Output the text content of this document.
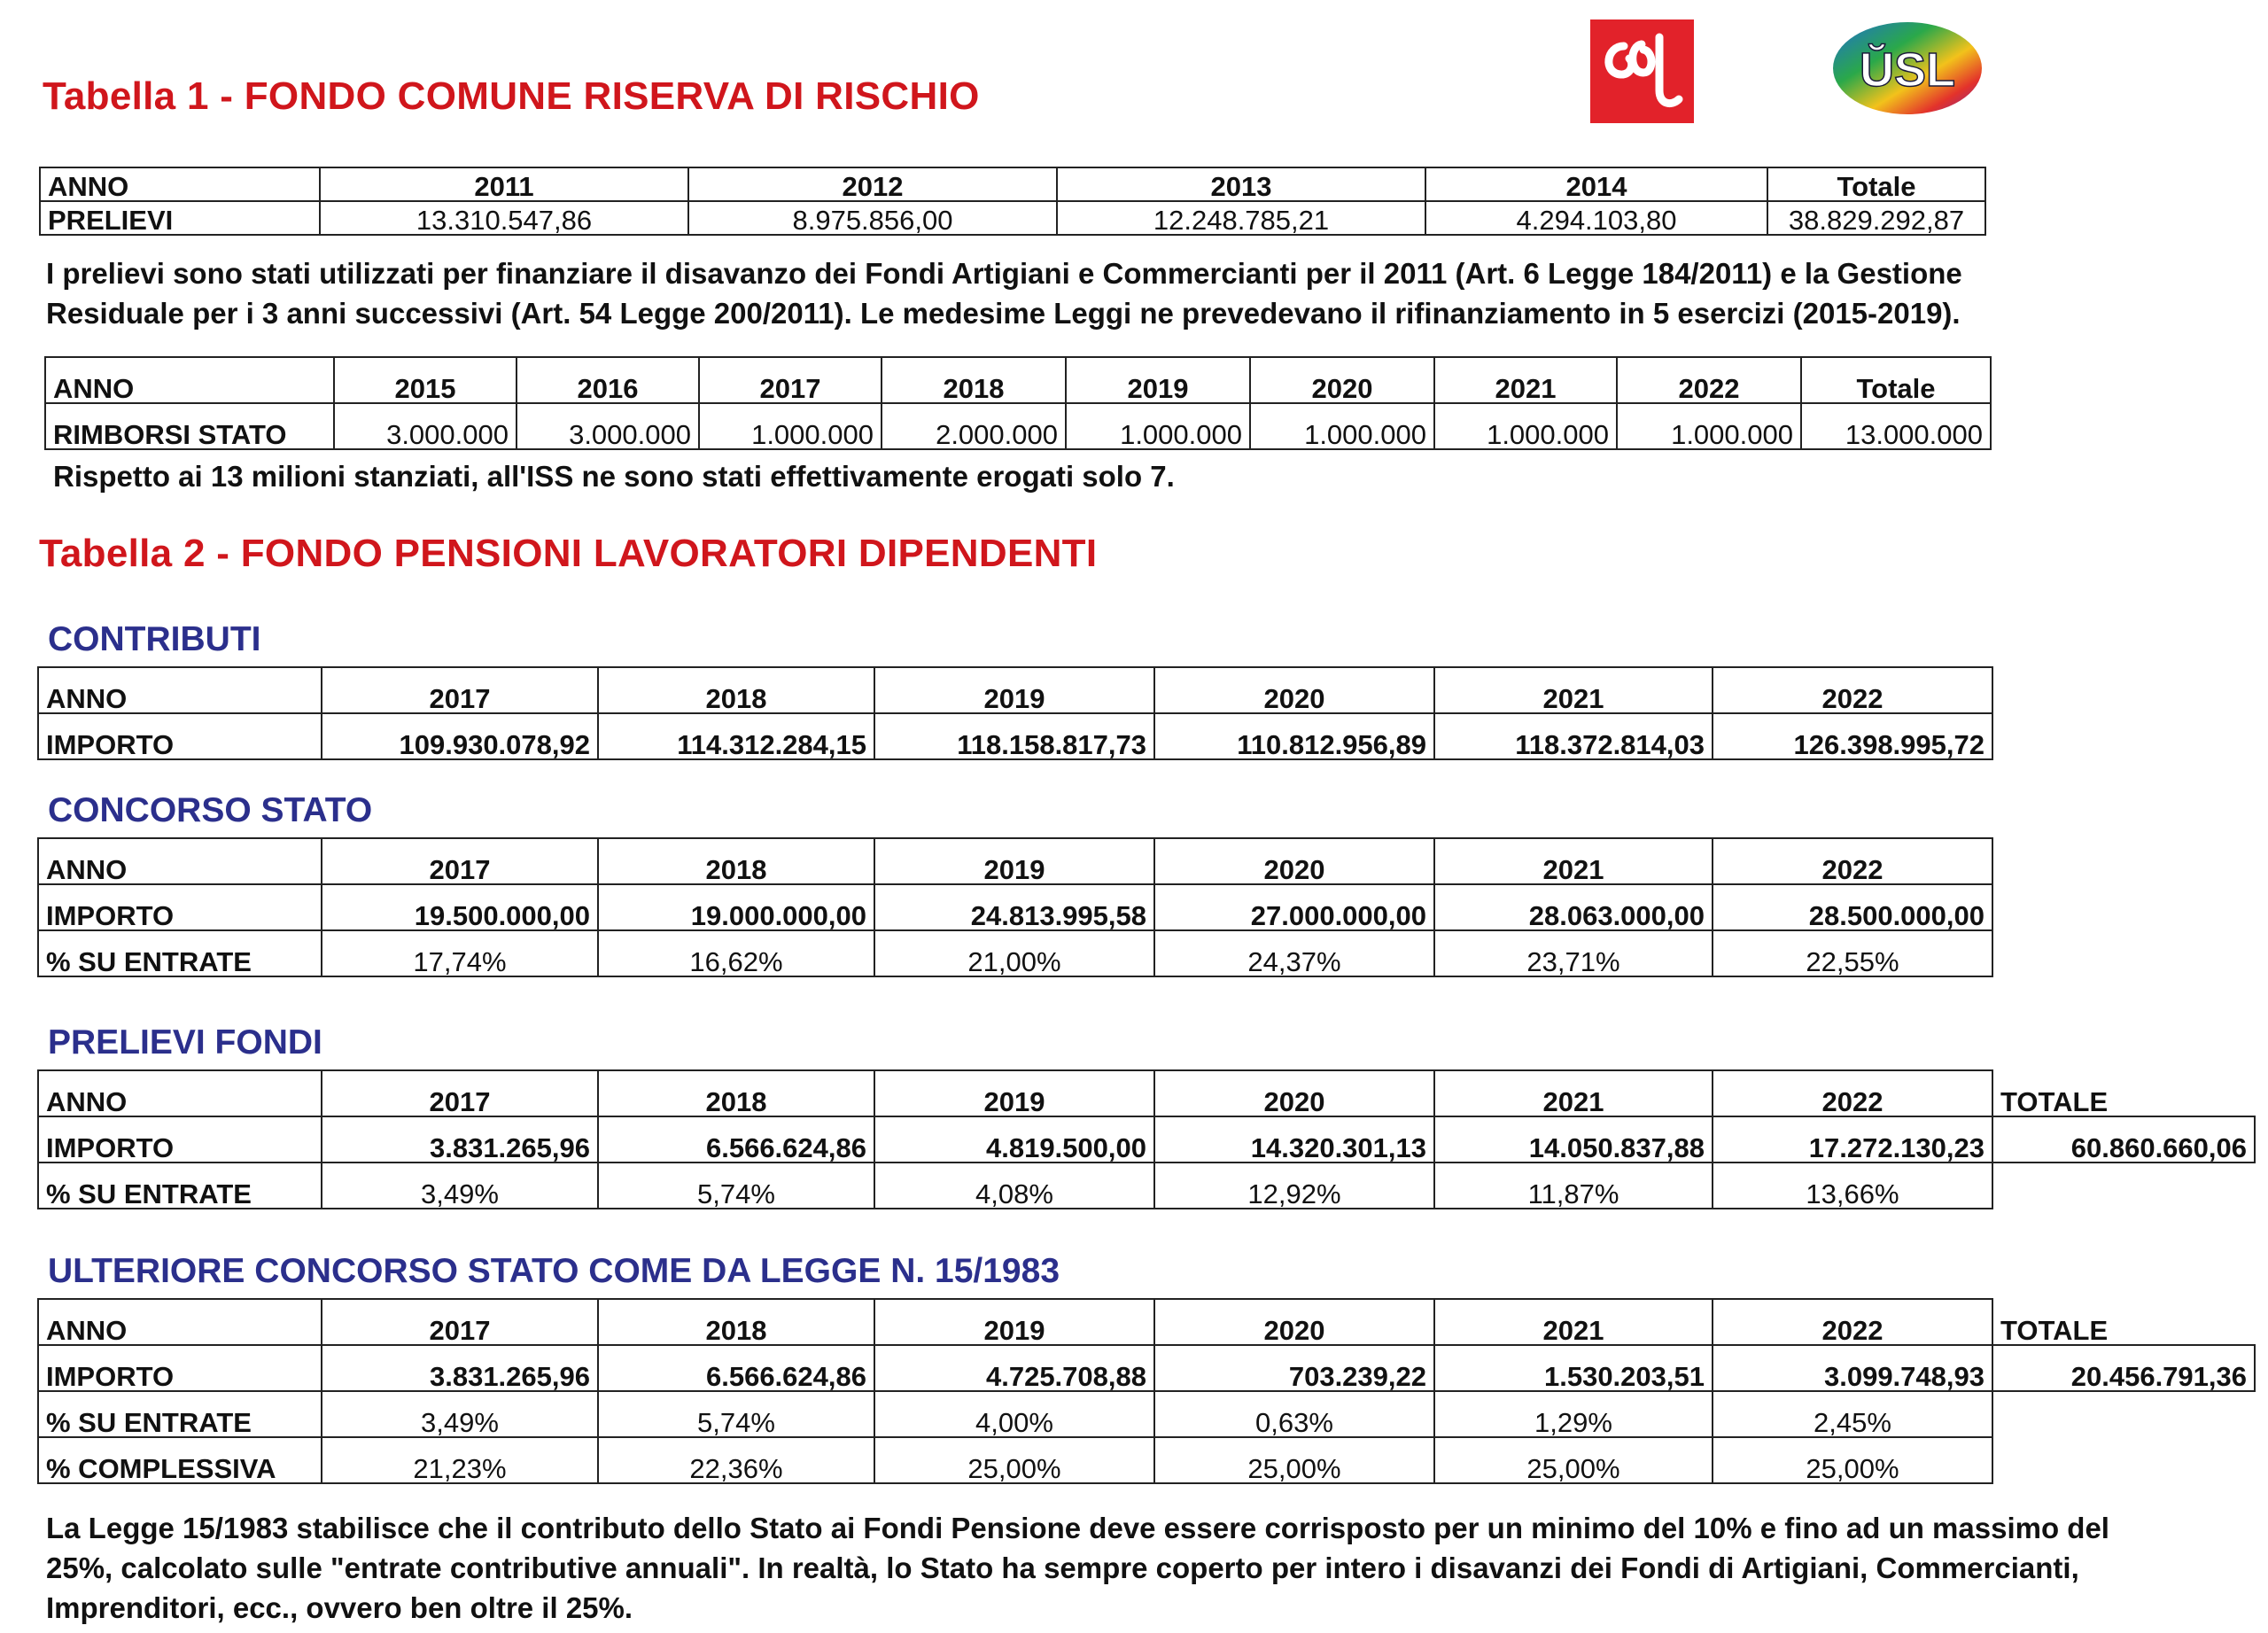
ŬSL
Tabella 1 - FONDO COMUNE RISERVA DI RISCHIO
ANNO	2011	2012	2013	2014	Totale
PRELIEVI	13.310.547,86	8.975.856,00	12.248.785,21	4.294.103,80	38.829.292,87
I prelievi sono stati utilizzati per finanziare il disavanzo dei Fondi Artigiani e Commercianti per il 2011 (Art. 6 Legge 184/2011) e la Gestione Residuale per i 3 anni successivi (Art. 54 Legge 200/2011). Le medesime Leggi ne prevedevano il rifinanziamento in 5 esercizi (2015-2019).
ANNO	2015	2016	2017	2018	2019	2020	2021	2022	Totale
RIMBORSI STATO	3.000.000	3.000.000	1.000.000	2.000.000	1.000.000	1.000.000	1.000.000	1.000.000	13.000.000
Rispetto ai 13 milioni stanziati, all'ISS ne sono stati effettivamente erogati solo 7.
Tabella 2 - FONDO PENSIONI LAVORATORI DIPENDENTI
CONTRIBUTI
ANNO	2017	2018	2019	2020	2021	2022
IMPORTO	109.930.078,92	114.312.284,15	118.158.817,73	110.812.956,89	118.372.814,03	126.398.995,72
CONCORSO STATO
ANNO	2017	2018	2019	2020	2021	2022
IMPORTO	19.500.000,00	19.000.000,00	24.813.995,58	27.000.000,00	28.063.000,00	28.500.000,00
% SU ENTRATE	17,74%	16,62%	21,00%	24,37%	23,71%	22,55%
PRELIEVI FONDI
ANNO	2017	2018	2019	2020	2021	2022	TOTALE
IMPORTO	3.831.265,96	6.566.624,86	4.819.500,00	14.320.301,13	14.050.837,88	17.272.130,23	60.860.660,06
% SU ENTRATE	3,49%	5,74%	4,08%	12,92%	11,87%	13,66%	
ULTERIORE CONCORSO STATO COME DA LEGGE N. 15/1983
ANNO	2017	2018	2019	2020	2021	2022	TOTALE
IMPORTO	3.831.265,96	6.566.624,86	4.725.708,88	703.239,22	1.530.203,51	3.099.748,93	20.456.791,36
% SU ENTRATE	3,49%	5,74%	4,00%	0,63%	1,29%	2,45%	
% COMPLESSIVA	21,23%	22,36%	25,00%	25,00%	25,00%	25,00%	
La Legge 15/1983 stabilisce che il contributo dello Stato ai Fondi Pensione deve essere corrisposto per un minimo del 10% e fino ad un massimo del 25%, calcolato sulle "entrate contributive annuali". In realtà, lo Stato ha sempre coperto per intero i disavanzi dei Fondi di Artigiani, Commercianti, Imprenditori, ecc., ovvero ben oltre il 25%.
